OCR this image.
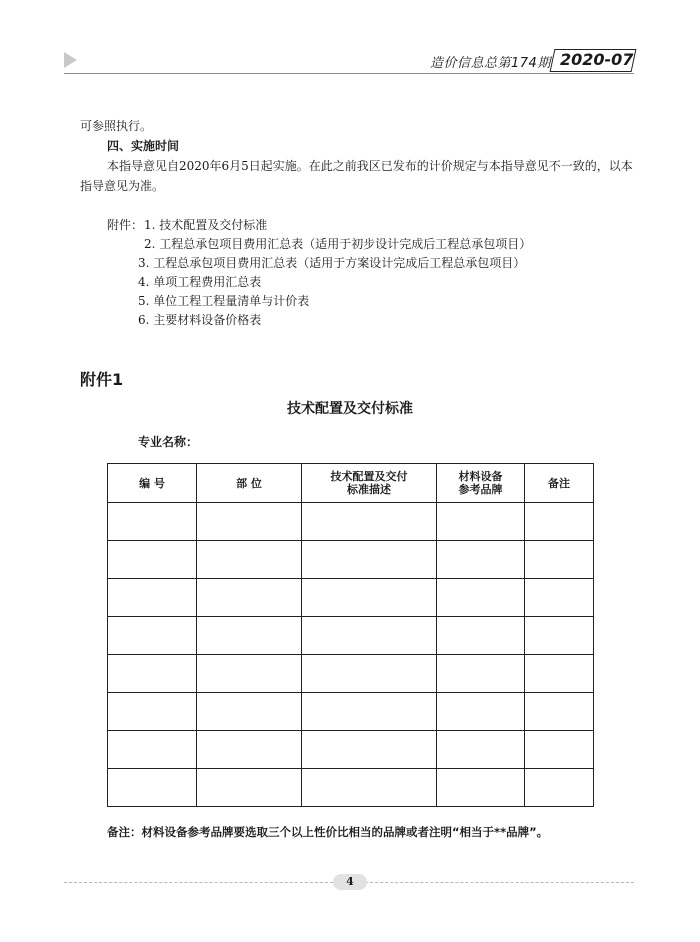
造价信息总第174期 2020-07
可参照执行。
四、实施时间
本指导意见自2020年6月5日起实施。在此之前我区已发布的计价规定与本指导意见不一致的，以本
指导意见为准。
附件： 1. 技术配置及交付标准
2. 工程总承包项目费用汇总表（适用于初步设计完成后工程总承包项目）
3. 工程总承包项目费用汇总表（适用于方案设计完成后工程总承包项目）
4. 单项工程费用汇总表
5. 单位工程工程量清单与计价表
6. 主要材料设备价格表
附件1
技术配置及交付标准
专业名称：
编 号	部 位	技术配置及交付标准描述	材料设备参考品牌	备注

备注：材料设备参考品牌要选取三个以上性价比相当的品牌或者注明“相当于**品牌”。
4
